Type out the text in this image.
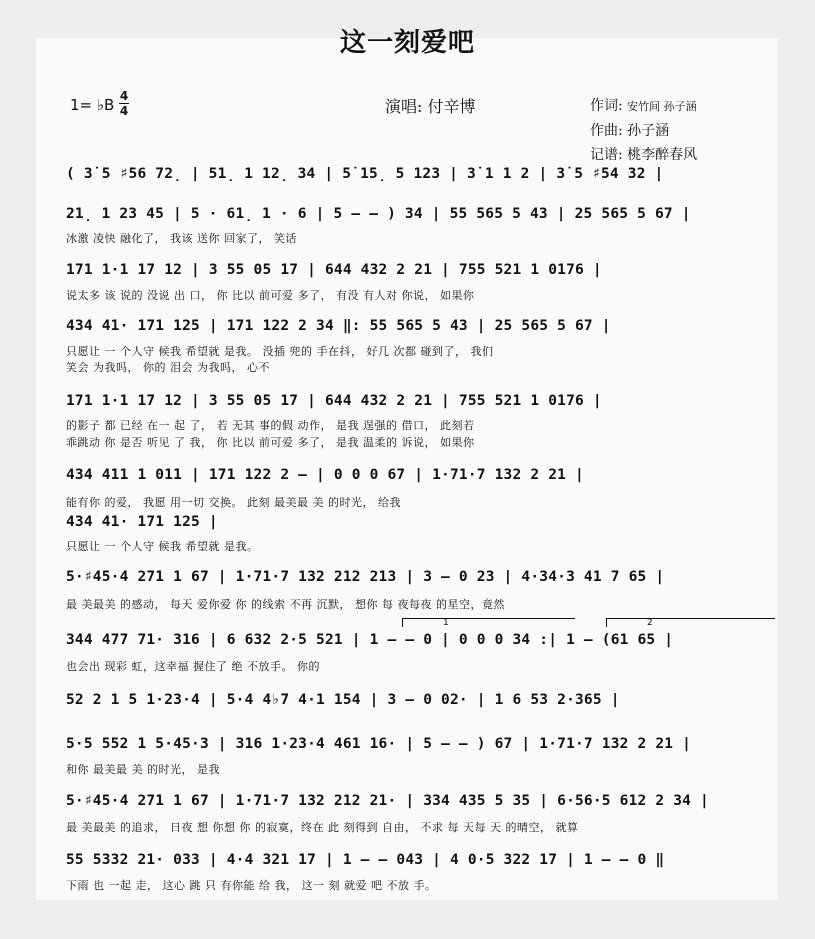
这一刻爱吧
1= ♭B 4
4	演唱: 付辛博	作词: 安竹间 孙子涵
作曲: 孙子涵
记谱: 桃李醉春风
( 3̇ 5 ♯56 72̣ | 51̣ 1 12̣ 34 | 5̇ 15̣ 5 123 | 3̇ 1 1 2 | 3̇ 5 ♯54 32 |
21̣ 1 23 45 | 5 · 61̣ 1 · 6 | 5 – – ) 34 | 55 565 5 43 | 25 565 5 67 |
冰激 凌快 融化了， 我该 送你 回家了， 笑话
171 1·1 17 12 | 3 55 05 17 | 644 432 2 21 | 755 521 1 0176 |
说太多 该 说的 没说 出 口， 你 比以 前可爱 多了， 有没 有人对 你说， 如果你
434 41· 171 125 | 171 122 2 34 ‖: 55 565 5 43 | 25 565 5 67 |
只愿让 一 个人守 候我 希望就 是我。 没插 兜的 手在抖， 好几 次都 碰到了， 我们
笑会 为我吗， 你的 泪会 为我吗， 心不
171 1·1 17 12 | 3 55 05 17 | 644 432 2 21 | 755 521 1 0176 |
的影子 都 已经 在一 起 了， 若 无其 事的假 动作， 是我 逞强的 借口， 此刻若
乖跳动 你 是否 听见 了 我， 你 比以 前可爱 多了， 是我 温柔的 诉说， 如果你
434 411 1 011 | 171 122 2 – | 0 0 0 67 | 1·71·7 132 2 21 |
能有你 的爱， 我愿 用一切 交换。 此刻 最美最 美 的时光， 给我
434 41· 171 125 |
只愿让 一 个人守 候我 希望就 是我。
5·♯45·4 271 1 67 | 1·71·7 132 212 213 | 3 – 0 23 | 4·34·3 41 7 65 |
最 美最美 的感动， 每天 爱你爱 你 的线索 不再 沉默， 想你 每 夜每夜 的星空，竟然
1	2
344 477 71· 316 | 6 632 2·5 521 | 1 – – 0 | 0 0 0 34 :| 1 – (61 65 |
也会出 现彩 虹，这幸福 握住了 绝 不放手。 你的
52 2 1 5 1·23·4 | 5·4 4♭7 4·1 154 | 3 – 0 02· | 1 6 53 2·365 |
5·5 552 1 5·45·3 | 316 1·23·4 461 16· | 5 – – ) 67 | 1·71·7 132 2 21 |
和你 最美最 美 的时光， 是我
5·♯45·4 271 1 67 | 1·71·7 132 212 21· | 334 435 5 35 | 6·56·5 612 2 34 |
最 美最美 的追求， 日夜 想 你想 你 的寂寞，终在 此 刻得到 自由， 不求 每 天每 天 的晴空， 就算
55 5332 21· 033 | 4·4 321 17 | 1 – – 043 | 4 0·5 322 17 | 1 – – 0 ‖
下雨 也 一起 走， 这心 跳 只 有你能 给 我， 这一 刻 就爱 吧 不放 手。
